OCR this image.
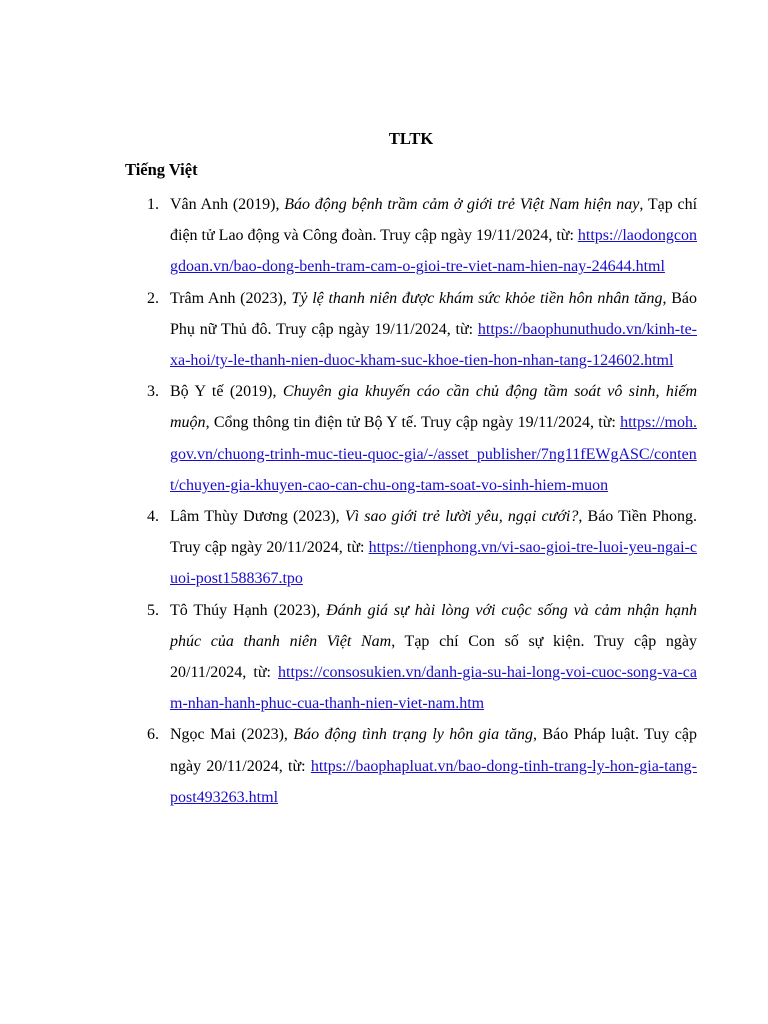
TLTK
Tiếng Việt
1. Vân Anh (2019), Báo động bệnh trầm cảm ở giới trẻ Việt Nam hiện nay, Tạp chí điện tử Lao động và Công đoàn. Truy cập ngày 19/11/2024, từ: https://laodongcongdoan.vn/bao-dong-benh-tram-cam-o-gioi-tre-viet-nam-hien-nay-24644.html
2. Trâm Anh (2023), Tỷ lệ thanh niên được khám sức khỏe tiền hôn nhân tăng, Báo Phụ nữ Thủ đô. Truy cập ngày 19/11/2024, từ: https://baophunuthudo.vn/kinh-te-xa-hoi/ty-le-thanh-nien-duoc-kham-suc-khoe-tien-hon-nhan-tang-124602.html
3. Bộ Y tế (2019), Chuyên gia khuyến cáo cần chủ động tầm soát vô sinh, hiếm muộn, Cổng thông tin điện tử Bộ Y tế. Truy cập ngày 19/11/2024, từ: https://moh.gov.vn/chuong-trinh-muc-tieu-quoc-gia/-/asset_publisher/7ng11fEWgASC/content/chuyen-gia-khuyen-cao-can-chu-ong-tam-soat-vo-sinh-hiem-muon
4. Lâm Thùy Dương (2023), Vì sao giới trẻ lười yêu, ngại cưới?, Báo Tiền Phong. Truy cập ngày 20/11/2024, từ: https://tienphong.vn/vi-sao-gioi-tre-luoi-yeu-ngai-cuoi-post1588367.tpo
5. Tô Thúy Hạnh (2023), Đánh giá sự hài lòng với cuộc sống và cảm nhận hạnh phúc của thanh niên Việt Nam, Tạp chí Con số sự kiện. Truy cập ngày 20/11/2024, từ: https://consosukien.vn/danh-gia-su-hai-long-voi-cuoc-song-va-cam-nhan-hanh-phuc-cua-thanh-nien-viet-nam.htm
6. Ngọc Mai (2023), Báo động tình trạng ly hôn gia tăng, Báo Pháp luật. Tuy cập ngày 20/11/2024, từ: https://baophapluat.vn/bao-dong-tinh-trang-ly-hon-gia-tang-post493263.html
